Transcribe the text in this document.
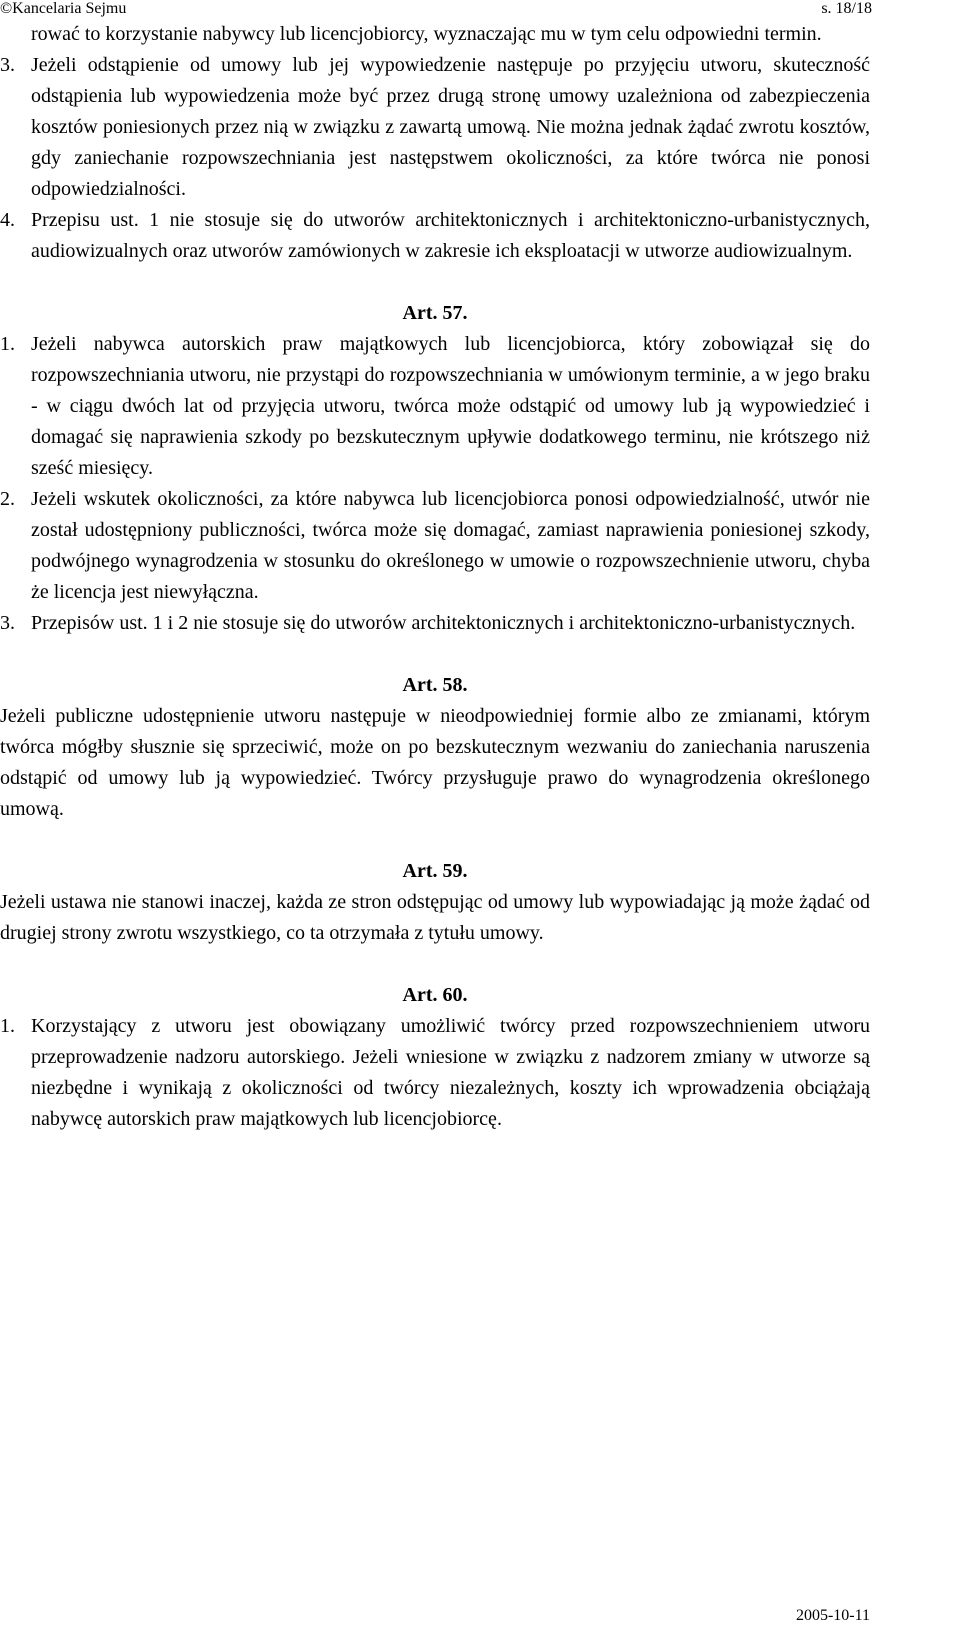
©Kancelaria Sejmu	s. 18/18

rować to korzystanie nabywcy lub licencjobiorcy, wyznaczając mu w tym celu odpowiedni termin.

3. Jeżeli odstąpienie od umowy lub jej wypowiedzenie następuje po przyjęciu utworu, skuteczność odstąpienia lub wypowiedzenia może być przez drugą stronę umowy uzależniona od zabezpieczenia kosztów poniesionych przez nią w związku z zawartą umową. Nie można jednak żądać zwrotu kosztów, gdy zaniechanie rozpowszechniania jest następstwem okoliczności, za które twórca nie ponosi odpowiedzialności.
4. Przepisu ust. 1 nie stosuje się do utworów architektonicznych i architektoniczno-urbanistycznych, audiowizualnych oraz utworów zamówionych w zakresie ich eksploatacji w utworze audiowizualnym.

Art. 57.

1. Jeżeli nabywca autorskich praw majątkowych lub licencjobiorca, który zobowiązał się do rozpowszechniania utworu, nie przystąpi do rozpowszechniania w umówionym terminie, a w jego braku - w ciągu dwóch lat od przyjęcia utworu, twórca może odstąpić od umowy lub ją wypowiedzieć i domagać się naprawienia szkody po bezskutecznym upływie dodatkowego terminu, nie krótszego niż sześć miesięcy.
2. Jeżeli wskutek okoliczności, za które nabywca lub licencjobiorca ponosi odpowiedzialność, utwór nie został udostępniony publiczności, twórca może się domagać, zamiast naprawienia poniesionej szkody, podwójnego wynagrodzenia w stosunku do określonego w umowie o rozpowszechnienie utworu, chyba że licencja jest niewyłączna.
3. Przepisów ust. 1 i 2 nie stosuje się do utworów architektonicznych i architektoniczno-urbanistycznych.

Art. 58.

Jeżeli publiczne udostępnienie utworu następuje w nieodpowiedniej formie albo ze zmianami, którym twórca mógłby słusznie się sprzeciwić, może on po bezskutecznym wezwaniu do zaniechania naruszenia odstąpić od umowy lub ją wypowiedzieć. Twórcy przysługuje prawo do wynagrodzenia określonego umową.

Art. 59.

Jeżeli ustawa nie stanowi inaczej, każda ze stron odstępując od umowy lub wypowiadając ją może żądać od drugiej strony zwrotu wszystkiego, co ta otrzymała z tytułu umowy.

Art. 60.

1. Korzystający z utworu jest obowiązany umożliwić twórcy przed rozpowszechnieniem utworu przeprowadzenie nadzoru autorskiego. Jeżeli wniesione w związku z nadzorem zmiany w utworze są niezbędne i wynikają z okoliczności od twórcy niezależnych, koszty ich wprowadzenia obciążają nabywcę autorskich praw majątkowych lub licencjobiorcę.
2005-10-11
